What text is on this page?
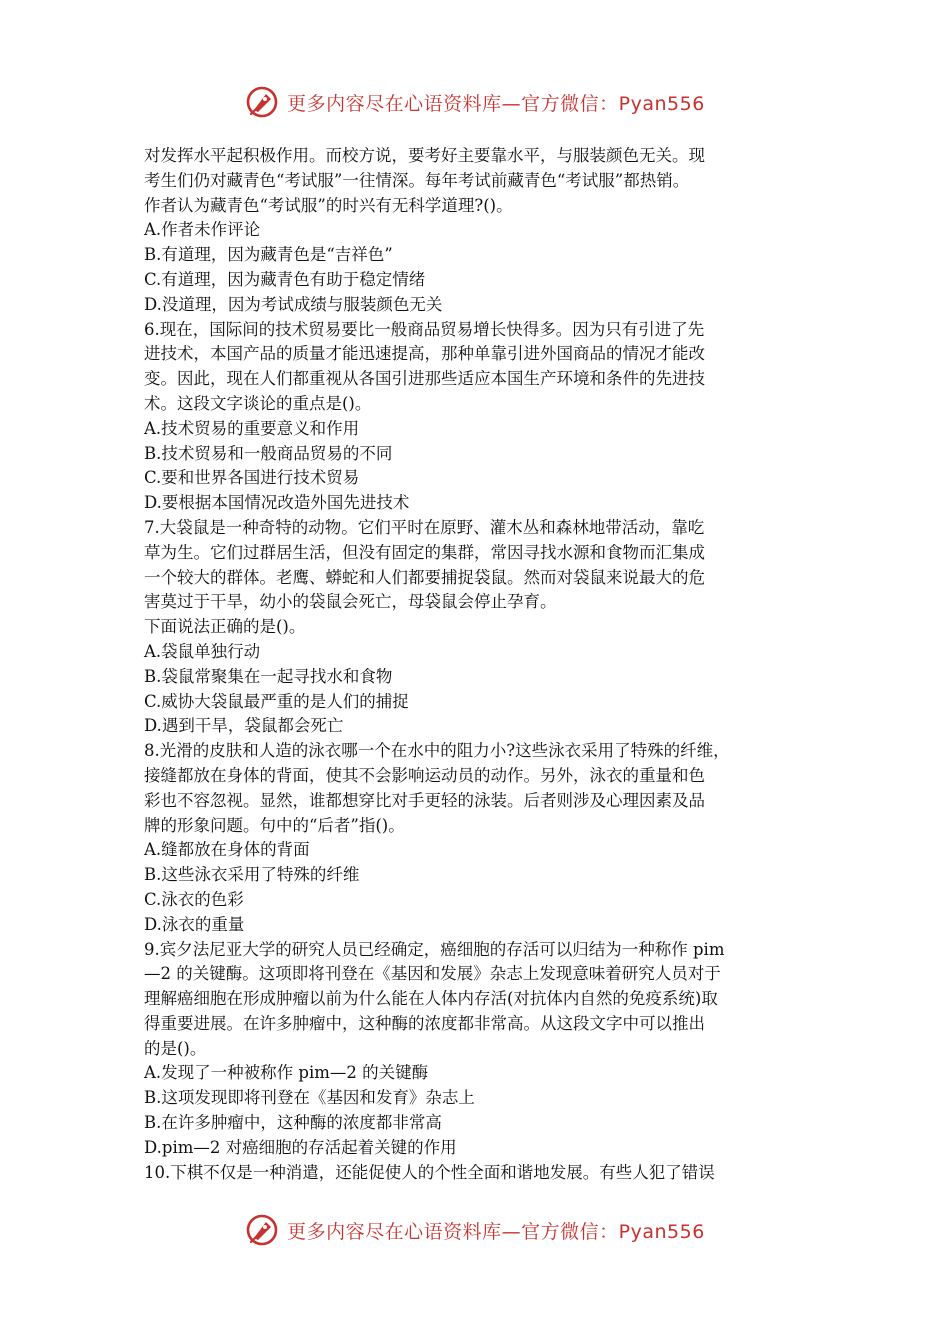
更多内容尽在心语资料库—官方微信：Pyan556

对发挥水平起积极作用。而校方说，要考好主要靠水平，与服装颜色无关。现

考生们仍对藏青色“考试服”一往情深。每年考试前藏青色“考试服”都热销。

作者认为藏青色“考试服”的时兴有无科学道理?()。

A.作者未作评论

B.有道理，因为藏青色是“吉祥色”

C.有道理，因为藏青色有助于稳定情绪

D.没道理，因为考试成绩与服装颜色无关

6.现在，国际间的技术贸易要比一般商品贸易增长快得多。因为只有引进了先

进技术，本国产品的质量才能迅速提高，那种单靠引进外国商品的情况才能改

变。因此，现在人们都重视从各国引进那些适应本国生产环境和条件的先进技

术。这段文字谈论的重点是()。

A.技术贸易的重要意义和作用

B.技术贸易和一般商品贸易的不同

C.要和世界各国进行技术贸易

D.要根据本国情况改造外国先进技术

7.大袋鼠是一种奇特的动物。它们平时在原野、灌木丛和森林地带活动，靠吃

草为生。它们过群居生活，但没有固定的集群，常因寻找水源和食物而汇集成

一个较大的群体。老鹰、蟒蛇和人们都要捕捉袋鼠。然而对袋鼠来说最大的危

害莫过于干旱，幼小的袋鼠会死亡，母袋鼠会停止孕育。

下面说法正确的是()。

A.袋鼠单独行动

B.袋鼠常聚集在一起寻找水和食物

C.威协大袋鼠最严重的是人们的捕捉

D.遇到干旱，袋鼠都会死亡

8.光滑的皮肤和人造的泳衣哪一个在水中的阻力小?这些泳衣采用了特殊的纤维，

接缝都放在身体的背面，使其不会影响运动员的动作。另外，泳衣的重量和色

彩也不容忽视。显然，谁都想穿比对手更轻的泳装。后者则涉及心理因素及品

牌的形象问题。句中的“后者”指()。

A.缝都放在身体的背面

B.这些泳衣采用了特殊的纤维

C.泳衣的色彩

D.泳衣的重量

9.宾夕法尼亚大学的研究人员已经确定，癌细胞的存活可以归结为一种称作 pim

—2 的关键酶。这项即将刊登在《基因和发展》杂志上发现意味着研究人员对于

理解癌细胞在形成肿瘤以前为什么能在人体内存活(对抗体内自然的免疫系统)取

得重要进展。在许多肿瘤中，这种酶的浓度都非常高。从这段文字中可以推出

的是()。

A.发现了一种被称作 pim—2 的关键酶

B.这项发现即将刊登在《基因和发育》杂志上

B.在许多肿瘤中，这种酶的浓度都非常高

D.pim—2 对癌细胞的存活起着关键的作用

10.下棋不仅是一种消遣，还能促使人的个性全面和谐地发展。有些人犯了错误

更多内容尽在心语资料库—官方微信：Pyan556
